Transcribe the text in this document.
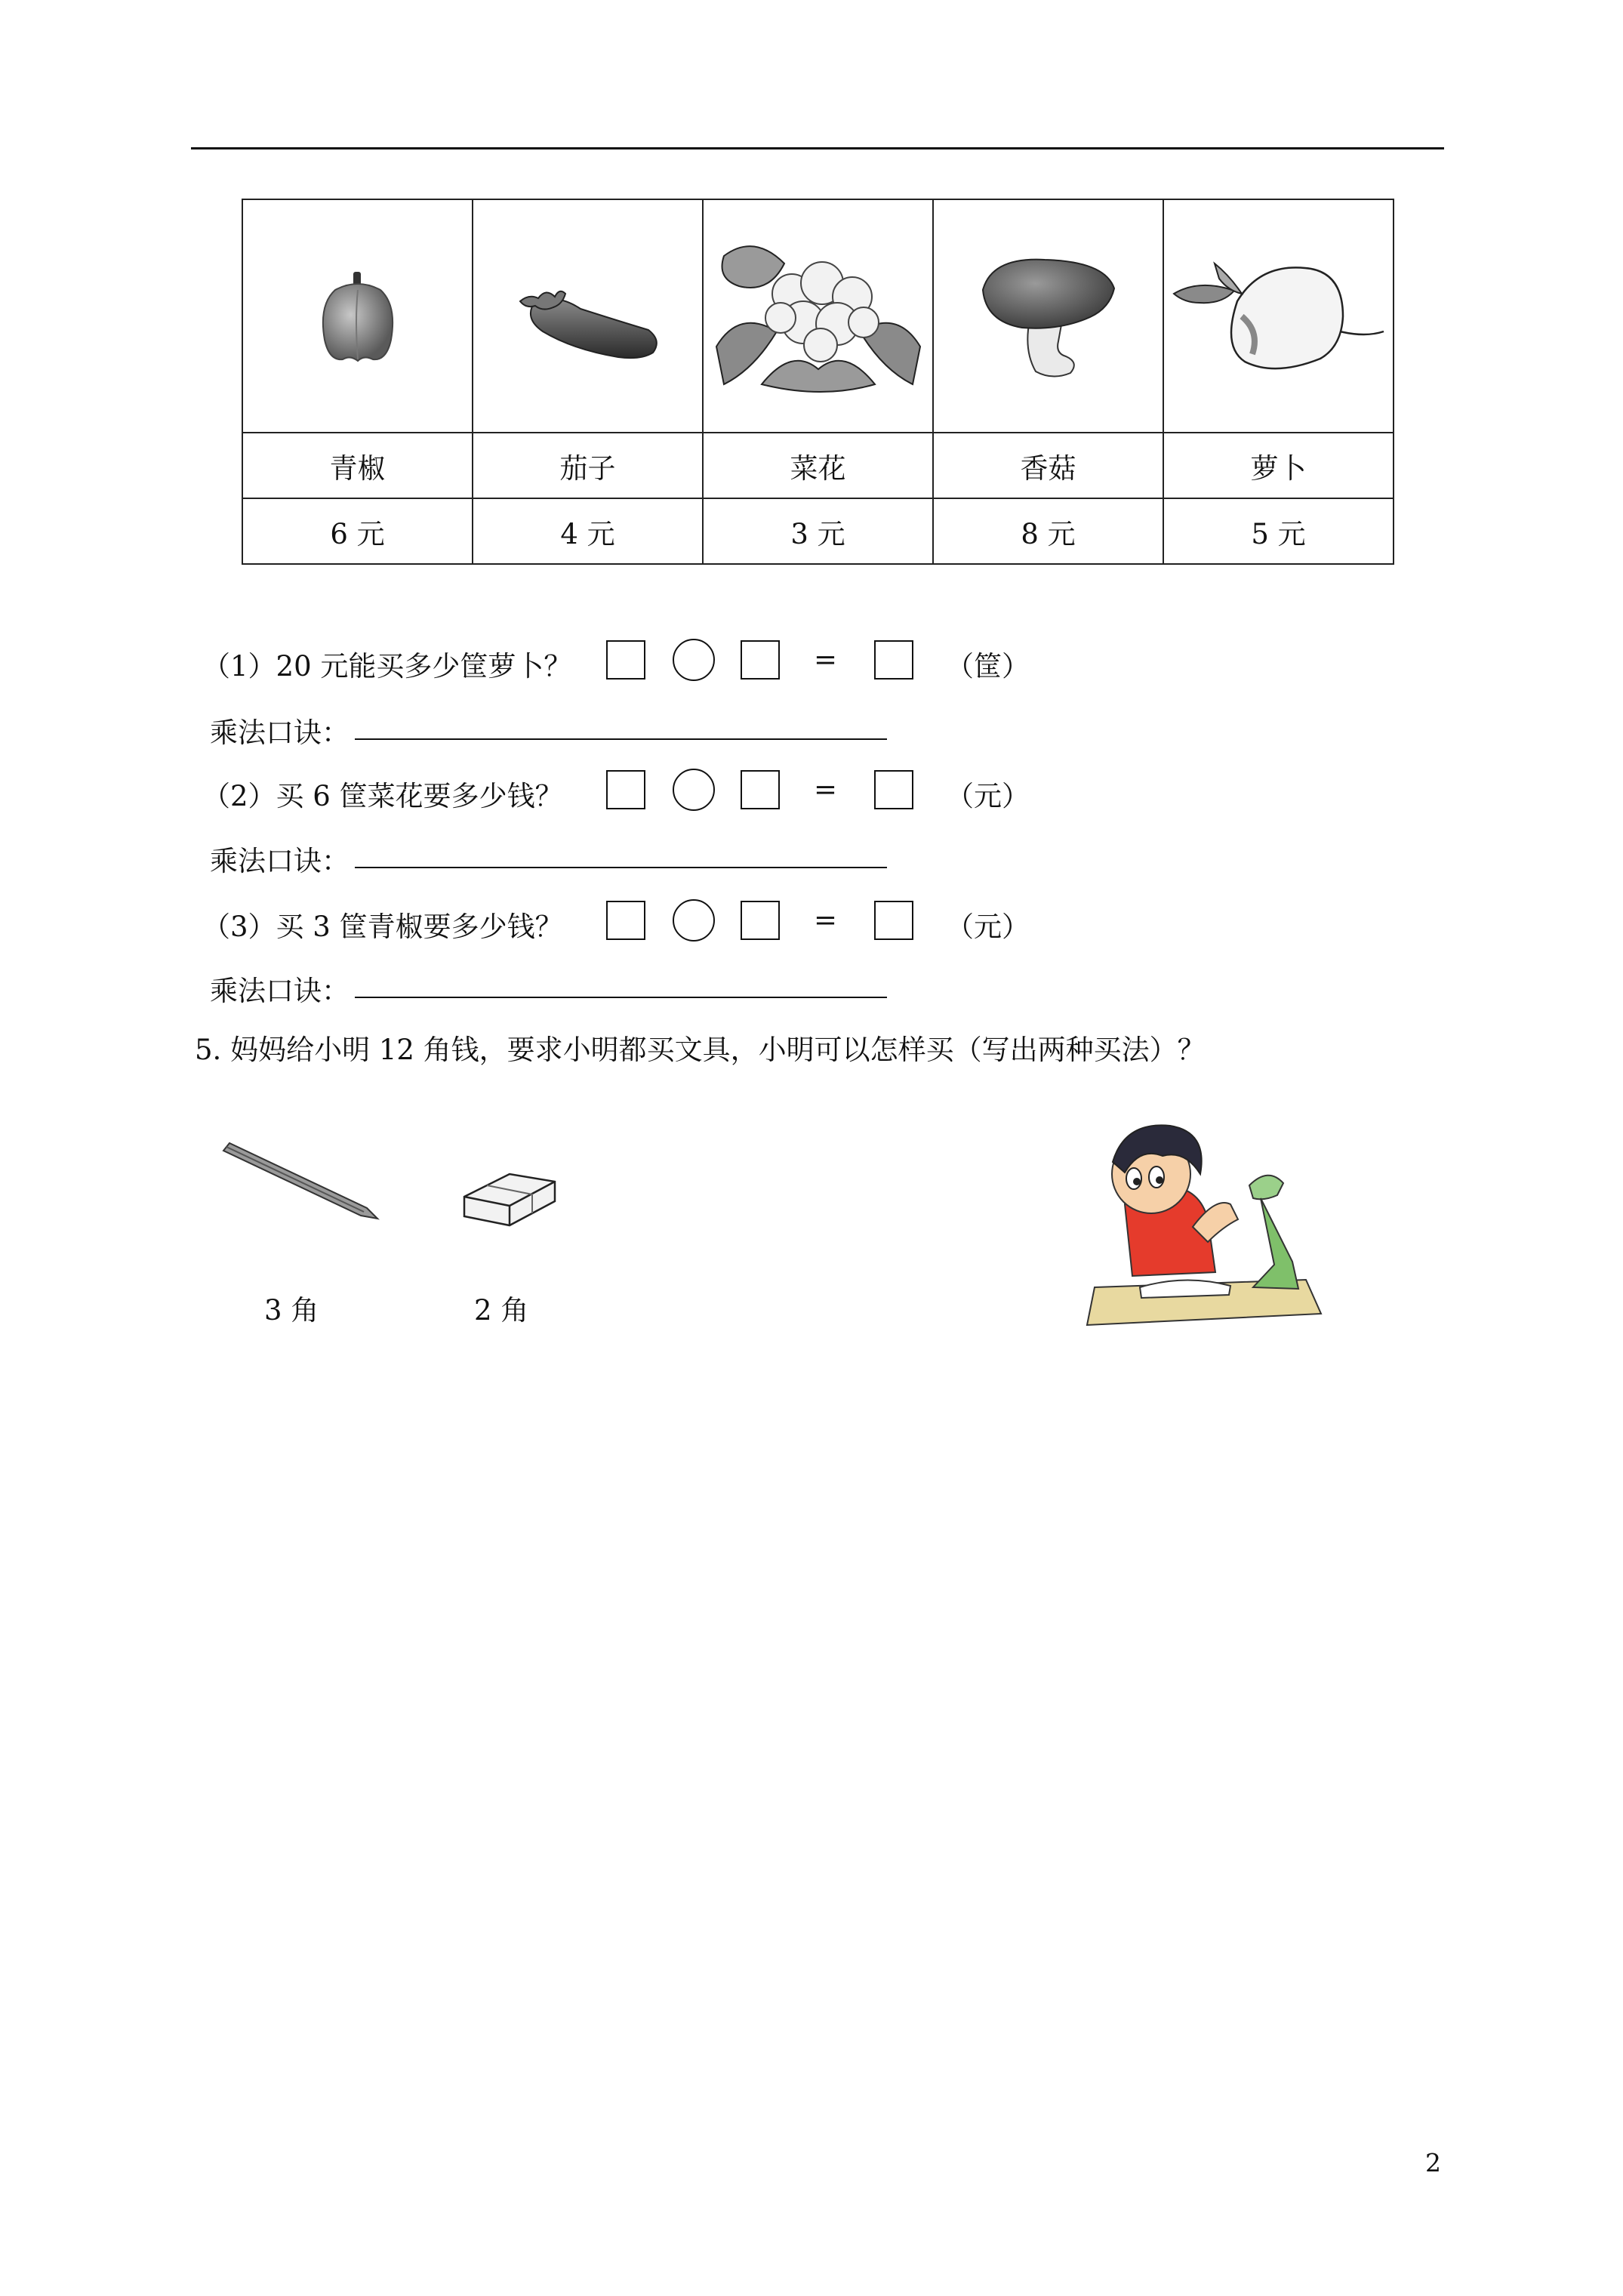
青椒	茄子	菜花	香菇	萝卜
6 元	4 元	3 元	8 元	5 元
（1）20 元能买多少筐萝卜？	=	（筐）
乘法口诀：
（2）买 6 筐菜花要多少钱？	=	（元）
乘法口诀：
（3）买 3 筐青椒要多少钱？	=	（元）
乘法口诀：
5. 妈妈给小明 12 角钱，要求小明都买文具，小明可以怎样买（写出两种买法）？
3 角	2 角
2
